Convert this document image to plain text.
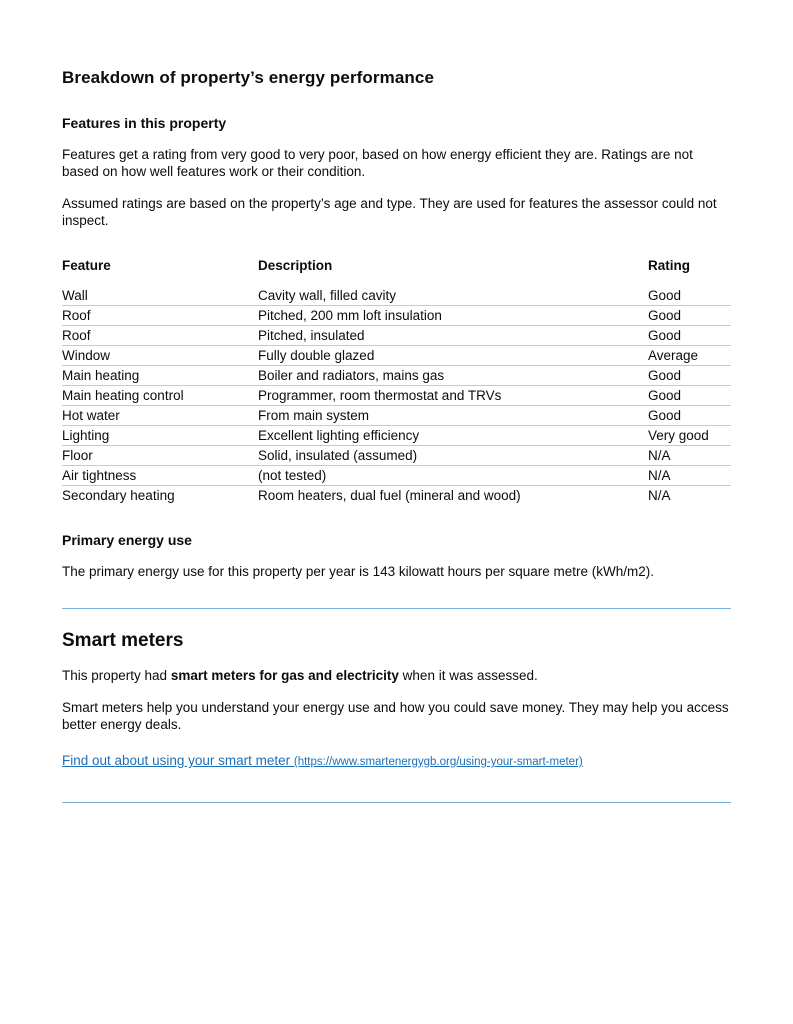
Breakdown of property’s energy performance
Features in this property

Features get a rating from very good to very poor, based on how energy efficient they are. Ratings are not based on how well features work or their condition.

Assumed ratings are based on the property’s age and type. They are used for features the assessor could not inspect.

Feature	Description	Rating
Wall	Cavity wall, filled cavity	Good
Roof	Pitched, 200 mm loft insulation	Good
Roof	Pitched, insulated	Good
Window	Fully double glazed	Average
Main heating	Boiler and radiators, mains gas	Good
Main heating control	Programmer, room thermostat and TRVs	Good
Hot water	From main system	Good
Lighting	Excellent lighting efficiency	Very good
Floor	Solid, insulated (assumed)	N/A
Air tightness	(not tested)	N/A
Secondary heating	Room heaters, dual fuel (mineral and wood)	N/A
Primary energy use

The primary energy use for this property per year is 143 kilowatt hours per square metre (kWh/m2).

Smart meters

This property had smart meters for gas and electricity when it was assessed.

Smart meters help you understand your energy use and how you could save money. They may help you access better energy deals.

Find out about using your smart meter (https://www.smartenergygb.org/using-your-smart-meter)
